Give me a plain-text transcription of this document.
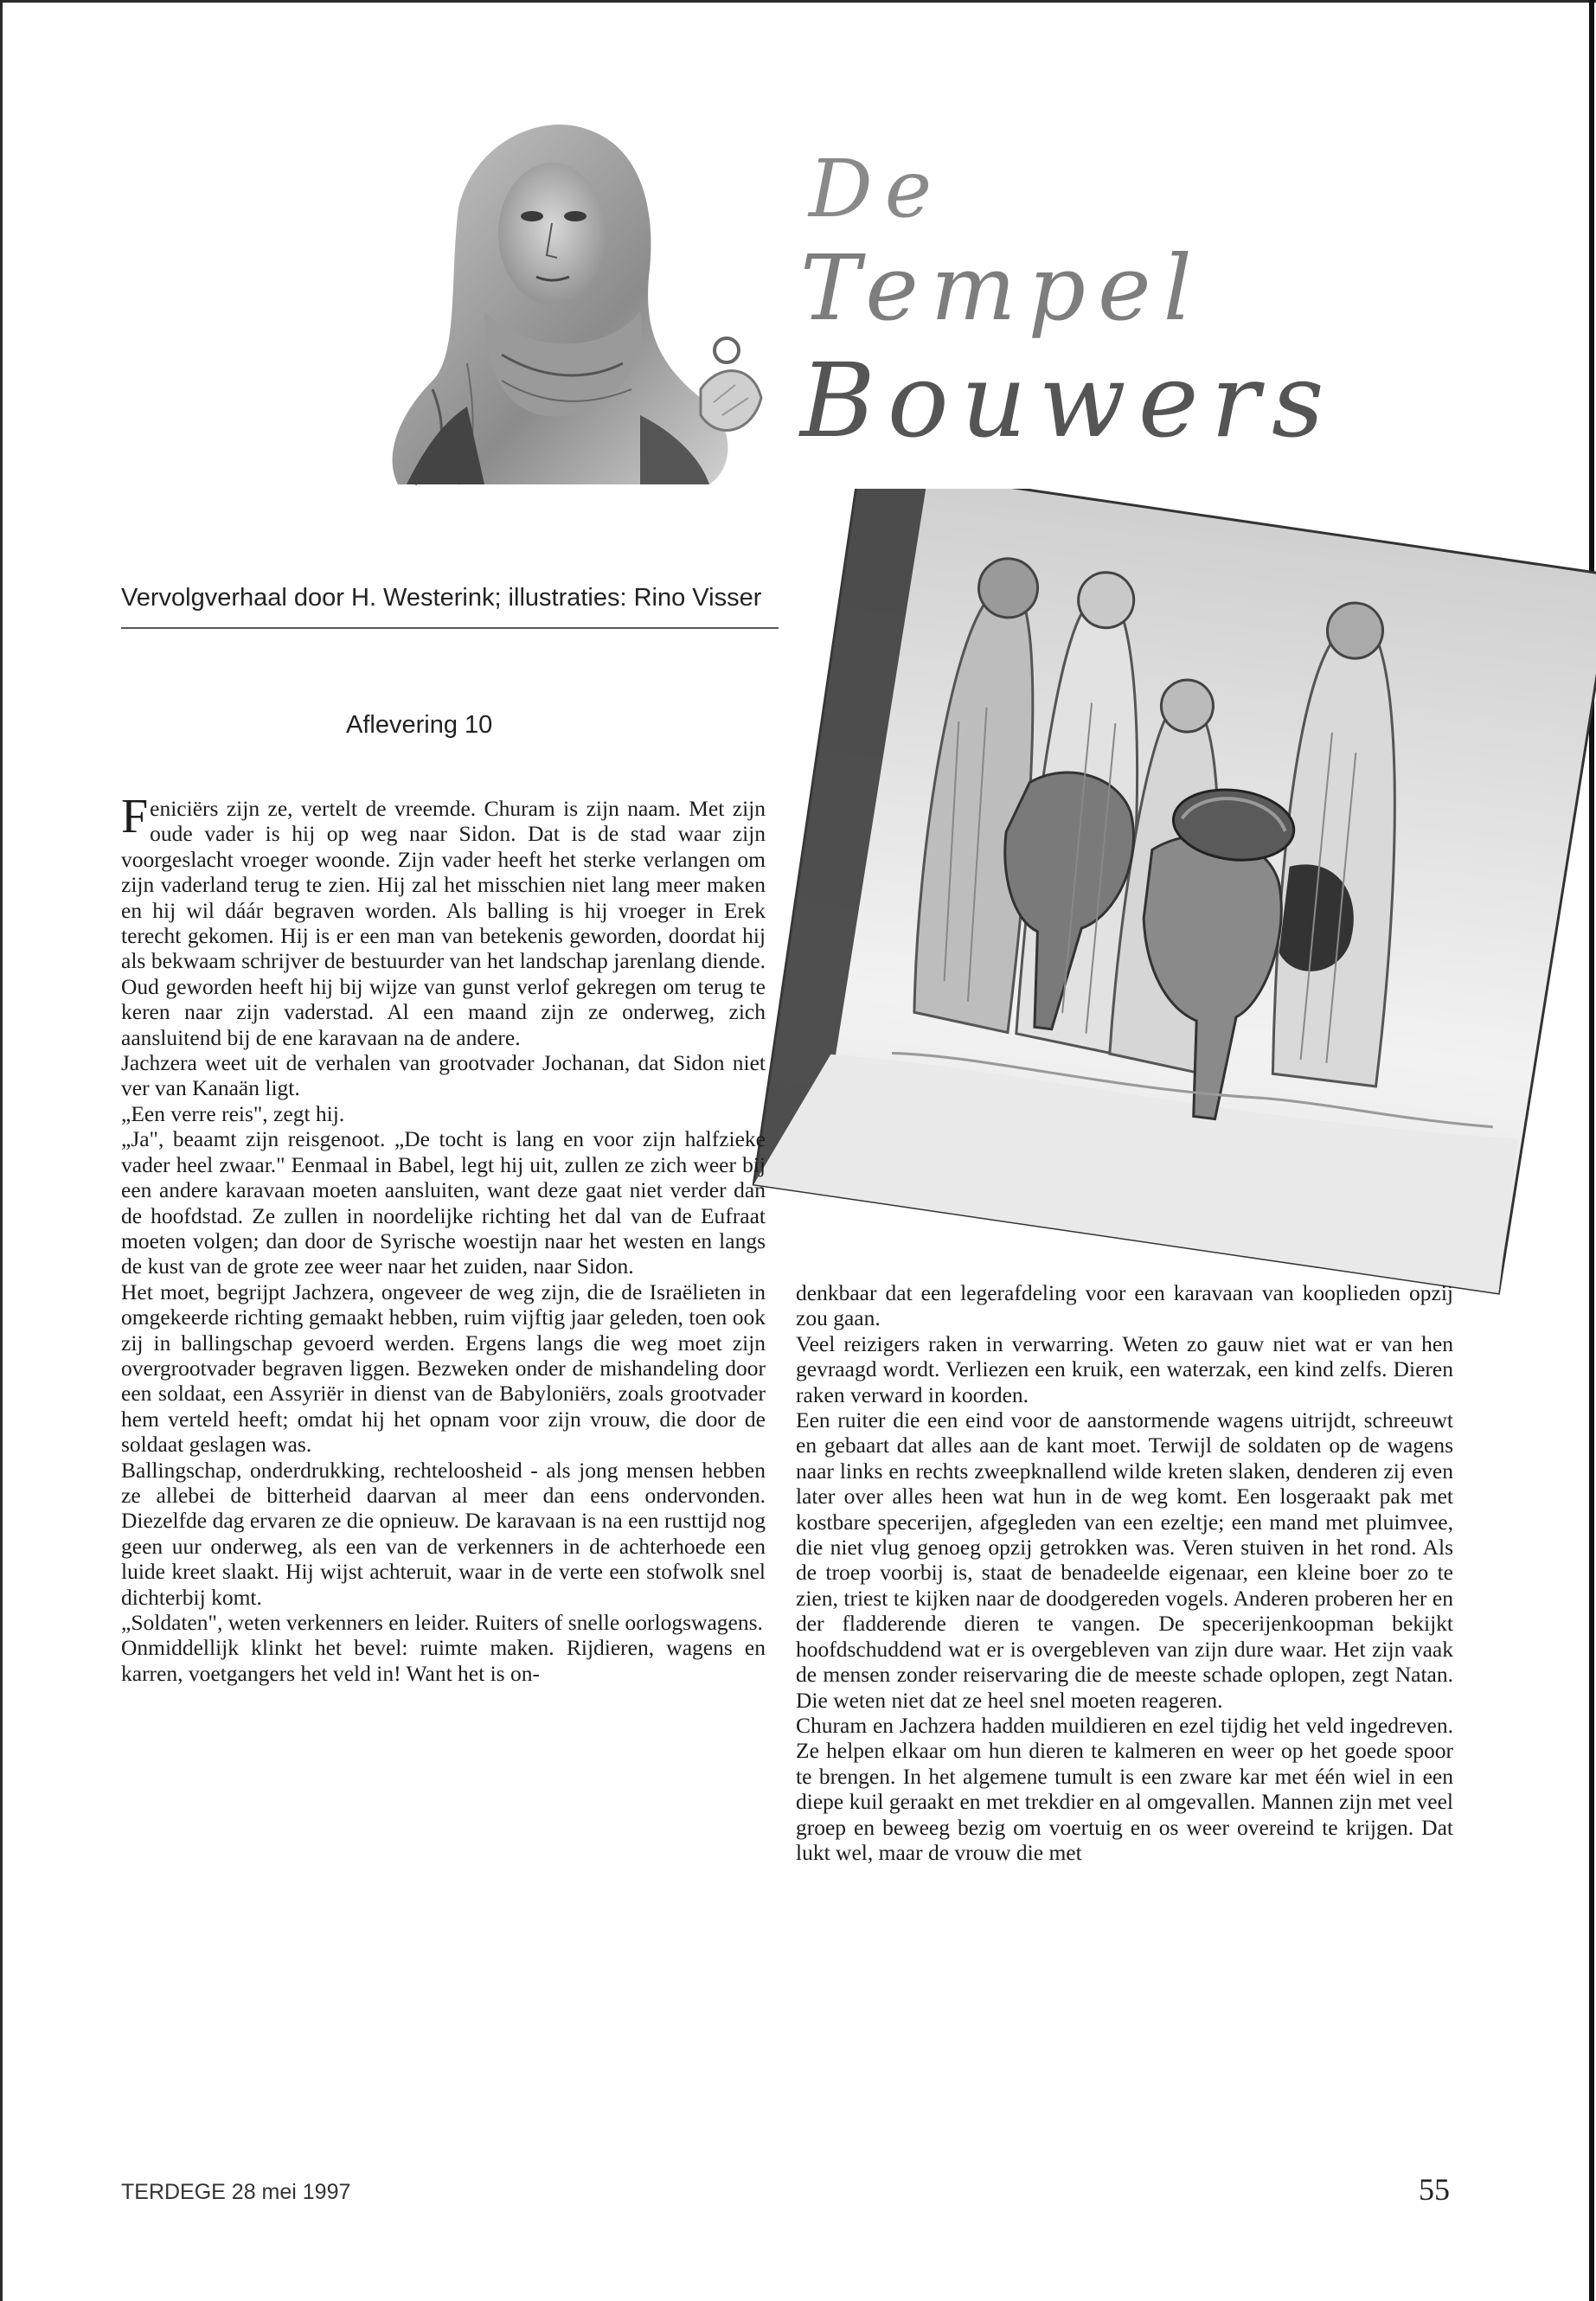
De
Tempel
Bouwers
Vervolgverhaal door H. Westerink; illustraties: Rino Visser
Aflevering 10

Feniciërs zijn ze, vertelt de vreemde. Churam is zijn naam. Met zijn oude vader is hij op weg naar Sidon. Dat is de stad waar zijn voorgeslacht vroeger woonde. Zijn vader heeft het sterke verlangen om zijn vaderland terug te zien. Hij zal het misschien niet lang meer maken en hij wil dáár begraven worden. Als balling is hij vroeger in Erek terecht gekomen. Hij is er een man van betekenis geworden, doordat hij als bekwaam schrijver de bestuurder van het landschap jarenlang diende. Oud geworden heeft hij bij wijze van gunst verlof gekregen om terug te keren naar zijn vaderstad. Al een maand zijn ze onderweg, zich aansluitend bij de ene karavaan na de andere.

Jachzera weet uit de verhalen van grootvader Jochanan, dat Sidon niet ver van Kanaän ligt.

„Een verre reis", zegt hij.

„Ja", beaamt zijn reisgenoot. „De tocht is lang en voor zijn halfzieke vader heel zwaar." Eenmaal in Babel, legt hij uit, zullen ze zich weer bij een andere karavaan moeten aansluiten, want deze gaat niet verder dan de hoofdstad. Ze zullen in noordelijke richting het dal van de Eufraat moeten volgen; dan door de Syrische woestijn naar het westen en langs de kust van de grote zee weer naar het zuiden, naar Sidon.

Het moet, begrijpt Jachzera, ongeveer de weg zijn, die de Israëlieten in omgekeerde richting gemaakt hebben, ruim vijftig jaar geleden, toen ook zij in ballingschap gevoerd werden. Ergens langs die weg moet zijn overgrootvader begraven liggen. Bezweken onder de mishandeling door een soldaat, een Assyriër in dienst van de Babyloniërs, zoals grootvader hem verteld heeft; omdat hij het opnam voor zijn vrouw, die door de soldaat geslagen was.

Ballingschap, onderdrukking, rechteloosheid - als jong mensen hebben ze allebei de bitterheid daarvan al meer dan eens ondervonden. Diezelfde dag ervaren ze die opnieuw. De karavaan is na een rusttijd nog geen uur onderweg, als een van de verkenners in de achterhoede een luide kreet slaakt. Hij wijst achteruit, waar in de verte een stofwolk snel dichterbij komt.

„Soldaten", weten verkenners en leider. Ruiters of snelle oorlogswagens.

Onmiddellijk klinkt het bevel: ruimte maken. Rijdieren, wagens en karren, voetgangers het veld in! Want het is on-

denkbaar dat een legerafdeling voor een karavaan van kooplieden opzij zou gaan.

Veel reizigers raken in verwarring. Weten zo gauw niet wat er van hen gevraagd wordt. Verliezen een kruik, een waterzak, een kind zelfs. Dieren raken verward in koorden.

Een ruiter die een eind voor de aanstormende wagens uitrijdt, schreeuwt en gebaart dat alles aan de kant moet. Terwijl de soldaten op de wagens naar links en rechts zweepknallend wilde kreten slaken, denderen zij even later over alles heen wat hun in de weg komt. Een losgeraakt pak met kostbare specerijen, afgegleden van een ezeltje; een mand met pluimvee, die niet vlug genoeg opzij getrokken was. Veren stuiven in het rond. Als de troep voorbij is, staat de benadeelde eigenaar, een kleine boer zo te zien, triest te kijken naar de doodgereden vogels. Anderen proberen her en der fladderende dieren te vangen. De specerijenkoopman bekijkt hoofdschuddend wat er is overgebleven van zijn dure waar. Het zijn vaak de mensen zonder reiservaring die de meeste schade oplopen, zegt Natan. Die weten niet dat ze heel snel moeten reageren.

Churam en Jachzera hadden muildieren en ezel tijdig het veld ingedreven. Ze helpen elkaar om hun dieren te kalmeren en weer op het goede spoor te brengen. In het algemene tumult is een zware kar met één wiel in een diepe kuil geraakt en met trekdier en al omgevallen. Mannen zijn met veel groep en beweeg bezig om voertuig en os weer overeind te krijgen. Dat lukt wel, maar de vrouw die met

TERDEGE 28 mei 1997	55
